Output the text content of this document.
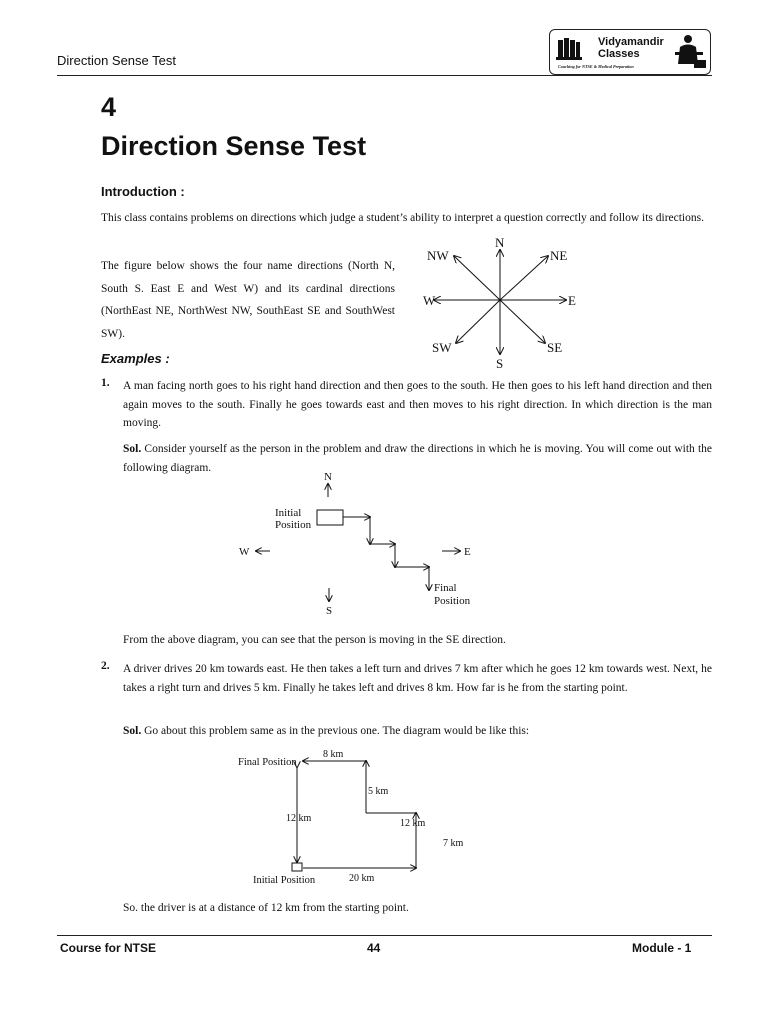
Direction Sense Test
Vidyamandir
Classes
Coaching for NTSE & Medical Preparation
4
Direction Sense Test
Introduction :
This class contains problems on directions which judge a student’s ability to interpret a question correctly and follow its directions.
The figure below shows the four name directions (North N, South S. East E and West W) and its cardinal directions (NorthEast NE, NorthWest NW, SouthEast SE and SouthWest SW).
N
S
E
W
NE
NW
SE
SW
Examples :
1. A man facing north goes to his right hand direction and then goes to the south. He then goes to his left hand direction and then again moves to the south. Finally he goes towards east and then moves to his right direction. In which direction is the man moving.
Sol. Consider yourself as the person in the problem and draw the directions in which he is moving. You will come out with the following diagram.
N
S
W	E
Initial
Position
Final
Position
From the above diagram, you can see that the person is moving in the SE direction.
2. A driver drives 20 km towards east. He then takes a left turn and drives 7 km after which he goes 12 km towards west. Next, he takes a right turn and drives 5 km. Finally he takes left and drives 8 km. How far is he from the starting point.
Sol. Go about this problem same as in the previous one. The diagram would be like this:
Final Position
Initial Position
8 km
5 km
12 km	12 km
7 km
20 km
So. the driver is at a distance of 12 km from the starting point.
Course for NTSE	44	Module - 1
